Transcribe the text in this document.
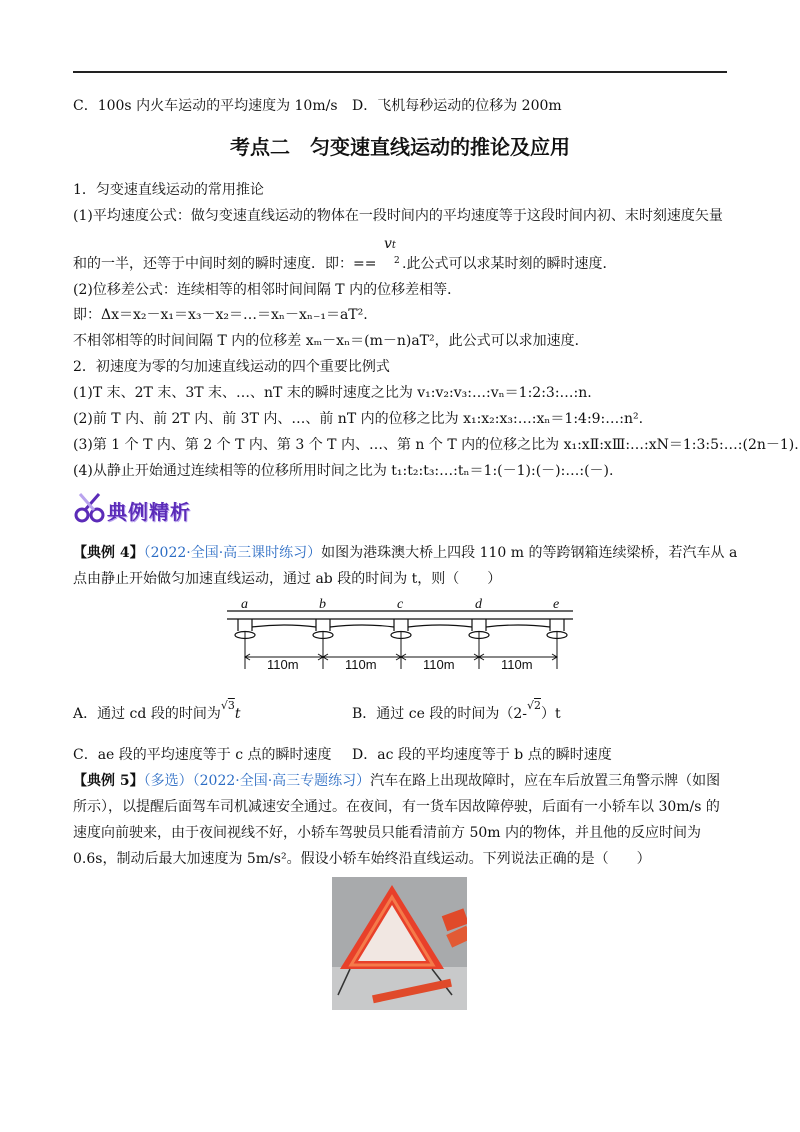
C．100s 内火车运动的平均速度为 10m/s D．飞机每秒运动的位移为 200m
考点二　匀变速直线运动的推论及应用
1．匀变速直线运动的常用推论
(1)平均速度公式：做匀变速直线运动的物体在一段时间内的平均速度等于这段时间内初、末时刻速度矢量
和的一半，还等于中间时刻的瞬时速度．即：==
vt
2 .此公式可以求某时刻的瞬时速度．
(2)位移差公式：连续相等的相邻时间间隔 T 内的位移差相等．
即：Δx＝x₂－x₁＝x₃－x₂＝…＝xₙ－xₙ₋₁＝aT².
不相邻相等的时间间隔 T 内的位移差 xₘ－xₙ＝(m－n)aT²，此公式可以求加速度．
2．初速度为零的匀加速直线运动的四个重要比例式
(1)T 末、2T 末、3T 末、…、nT 末的瞬时速度之比为 v₁:v₂:v₃:…:vₙ＝1:2:3:…:n.
(2)前 T 内、前 2T 内、前 3T 内、…、前 nT 内的位移之比为 x₁:x₂:x₃:…:xₙ＝1:4:9:…:n².
(3)第 1 个 T 内、第 2 个 T 内、第 3 个 T 内、…、第 n 个 T 内的位移之比为 x₁:xⅡ:xⅢ:…:xN＝1:3:5:…:(2n－1).
(4)从静止开始通过连续相等的位移所用时间之比为 t₁:t₂:t₃:…:tₙ＝1:(－1):(－):…:(－).
典例精析
【典例 4】（2022·全国·高三课时练习）如图为港珠澳大桥上四段 110 m 的等跨钢箱连续梁桥，若汽车从 a
点由静止开始做匀加速直线运动，通过 ab 段的时间为 t，则（　　）
a	b	c	d	e
110m	110m	110m	110m
A．通过 cd 段的时间为$^{√3}$t	B．通过 ce 段的时间为（2-$^{√2}$）t
C．ae 段的平均速度等于 c 点的瞬时速度 D．ac 段的平均速度等于 b 点的瞬时速度
【典例 5】（多选）（2022·全国·高三专题练习）汽车在路上出现故障时，应在车后放置三角警示牌（如图
所示），以提醒后面驾车司机减速安全通过。在夜间，有一货车因故障停驶，后面有一小轿车以 30m/s 的
速度向前驶来，由于夜间视线不好，小轿车驾驶员只能看清前方 50m 内的物体，并且他的反应时间为
0.6s，制动后最大加速度为 5m/s²。假设小轿车始终沿直线运动。下列说法正确的是（　　）
